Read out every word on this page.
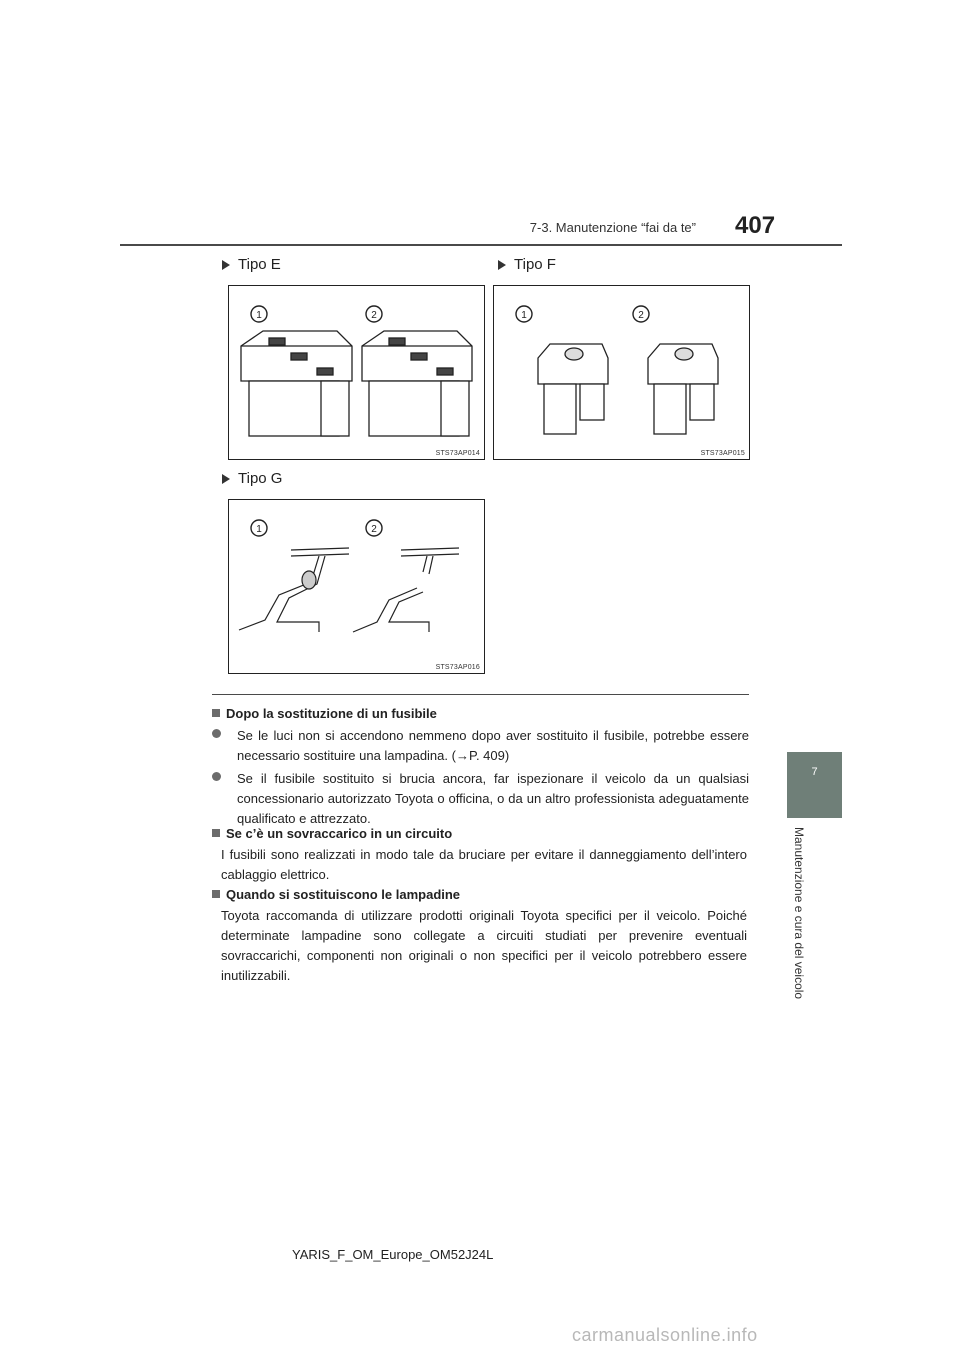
7-3. Manutenzione “fai da te” 407
7
Manutenzione e cura del veicolo
Tipo E	Tipo F
Tipo G
1	2
STS73AP014
1	2
STS73AP015
1	2
STS73AP016
Dopo la sostituzione di un fusibile
Se le luci non si accendono nemmeno dopo aver sostituito il fusibile, potrebbe essere necessario sostituire una lampadina. (→P. 409)
Se il fusibile sostituito si brucia ancora, far ispezionare il veicolo da un qualsiasi concessionario autorizzato Toyota o officina, o da un altro professionista adeguatamente qualificato e attrezzato.
Se c’è un sovraccarico in un circuito
I fusibili sono realizzati in modo tale da bruciare per evitare il danneggiamento dell’intero cablaggio elettrico.
Quando si sostituiscono le lampadine
Toyota raccomanda di utilizzare prodotti originali Toyota specifici per il veicolo. Poiché determinate lampadine sono collegate a circuiti studiati per prevenire eventuali sovraccarichi, componenti non originali o non specifici per il veicolo potrebbero essere inutilizzabili.
YARIS_F_OM_Europe_OM52J24L
carmanualsonline.info
